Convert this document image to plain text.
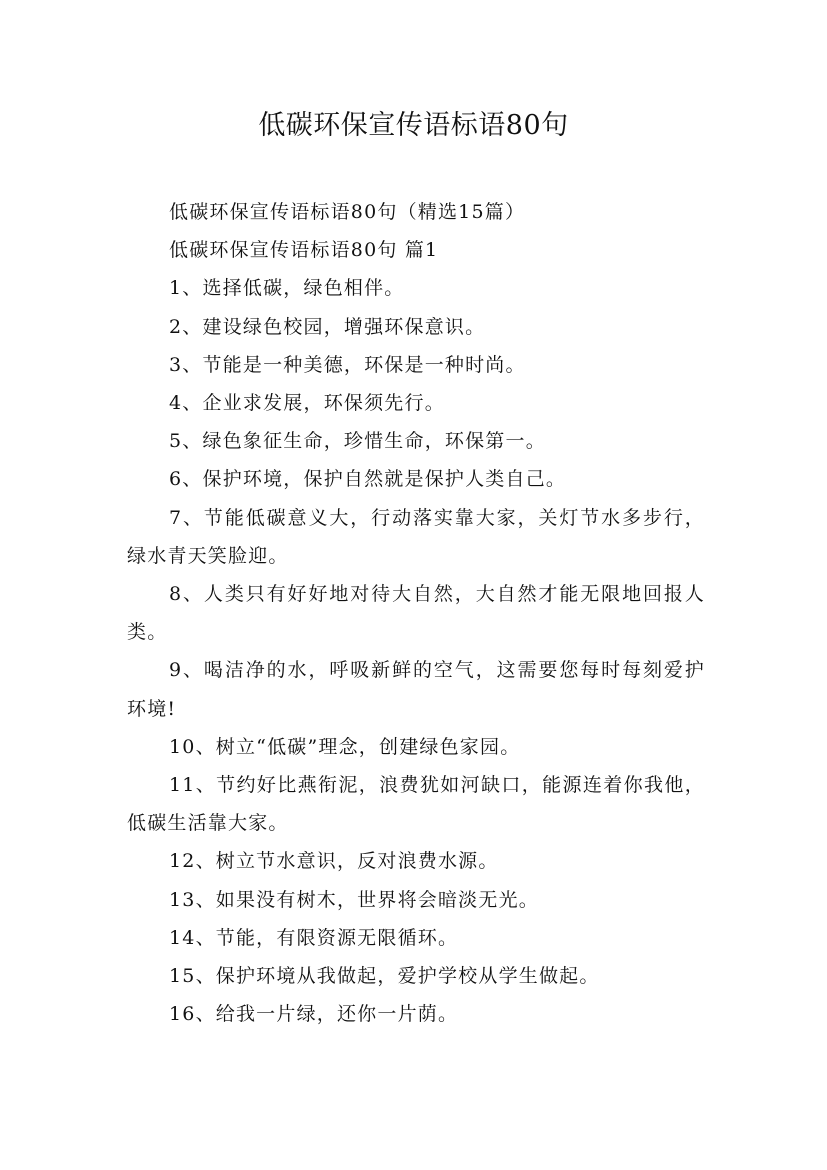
低碳环保宣传语标语80句

低碳环保宣传语标语80句（精选15篇）

低碳环保宣传语标语80句 篇1

1、选择低碳，绿色相伴。

2、建设绿色校园，增强环保意识。

3、节能是一种美德，环保是一种时尚。

4、企业求发展，环保须先行。

5、绿色象征生命，珍惜生命，环保第一。

6、保护环境，保护自然就是保护人类自己。

7、节能低碳意义大，行动落实靠大家，关灯节水多步行，绿水青天笑脸迎。

8、人类只有好好地对待大自然，大自然才能无限地回报人类。

9、喝洁净的水，呼吸新鲜的空气，这需要您每时每刻爱护环境!

10、树立“低碳”理念，创建绿色家园。

11、节约好比燕衔泥，浪费犹如河缺口，能源连着你我他，低碳生活靠大家。

12、树立节水意识，反对浪费水源。

13、如果没有树木，世界将会暗淡无光。

14、节能，有限资源无限循环。

15、保护环境从我做起，爱护学校从学生做起。

16、给我一片绿，还你一片荫。
